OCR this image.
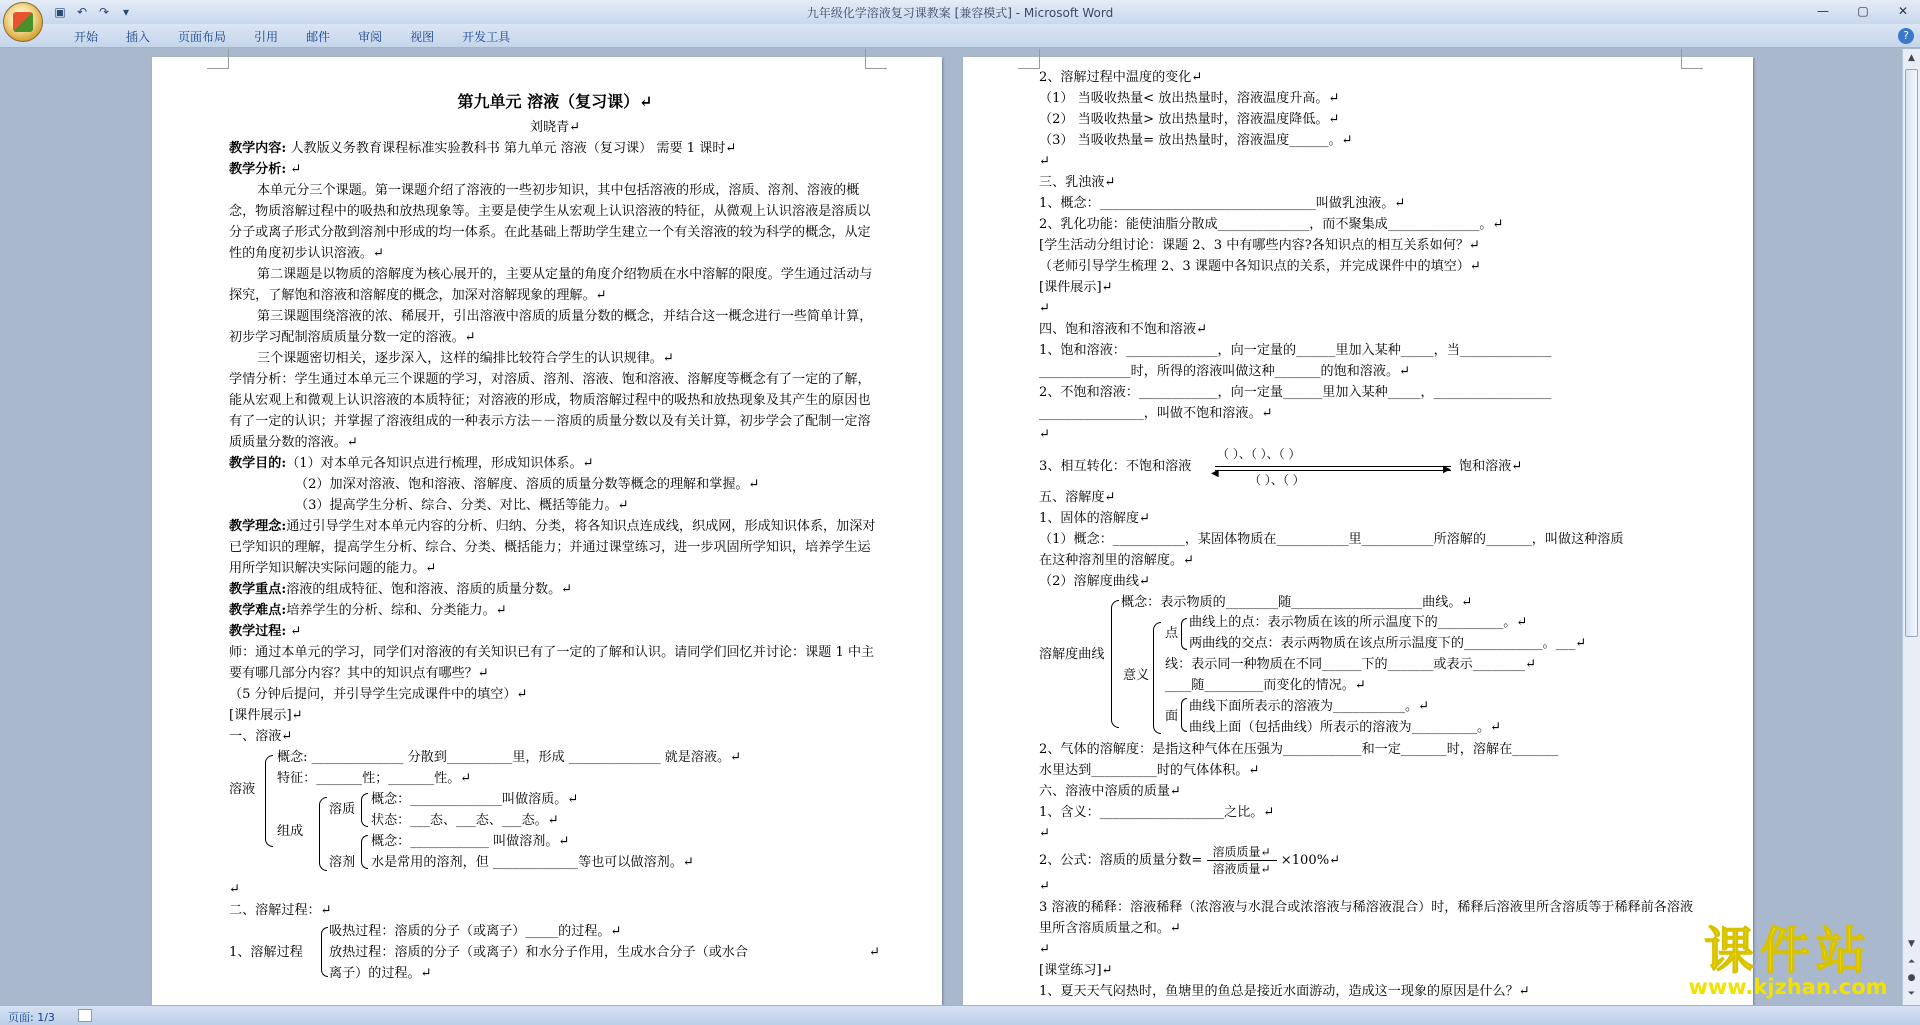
九年级化学溶液复习课教案 [兼容模式] - Microsoft Word
▣ ↶ ↷	▾	—	▢	✕
开始	插入	页面布局	引用	邮件	审阅	视图	开发工具	?
第九单元 溶液（复习课）↵
刘晓青↵
教学内容: 人教版义务教育课程标准实验教科书 第九单元 溶液（复习课） 需要 1 课时↵
教学分析: ↵
本单元分三个课题。第一课题介绍了溶液的一些初步知识，其中包括溶液的形成，溶质、溶剂、溶液的概念，物质溶解过程中的吸热和放热现象等。主要是使学生从宏观上认识溶液的特征，从微观上认识溶液是溶质以分子或离子形式分散到溶剂中形成的均一体系。在此基础上帮助学生建立一个有关溶液的较为科学的概念，从定性的角度初步认识溶液。↵
第二课题是以物质的溶解度为核心展开的，主要从定量的角度介绍物质在水中溶解的限度。学生通过活动与探究，了解饱和溶液和溶解度的概念，加深对溶解现象的理解。↵
第三课题围绕溶液的浓、稀展开，引出溶液中溶质的质量分数的概念，并结合这一概念进行一些简单计算，初步学习配制溶质质量分数一定的溶液。↵
三个课题密切相关，逐步深入，这样的编排比较符合学生的认识规律。↵
学情分析：学生通过本单元三个课题的学习，对溶质、溶剂、溶液、饱和溶液、溶解度等概念有了一定的了解，能从宏观上和微观上认识溶液的本质特征；对溶液的形成，物质溶解过程中的吸热和放热现象及其产生的原因也有了一定的认识；并掌握了溶液组成的一种表示方法－－溶质的质量分数以及有关计算，初步学会了配制一定溶质质量分数的溶液。↵
教学目的:（1）对本单元各知识点进行梳理，形成知识体系。↵
（2）加深对溶液、饱和溶液、溶解度、溶质的质量分数等概念的理解和掌握。↵
（3）提高学生分析、综合、分类、对比、概括等能力。↵
教学理念:通过引导学生对本单元内容的分析、归纳、分类，将各知识点连成线，织成网，形成知识体系，加深对已学知识的理解，提高学生分析、综合、分类、概括能力；并通过课堂练习，进一步巩固所学知识，培养学生运用所学知识解决实际问题的能力。↵
教学重点:溶液的组成特征、饱和溶液、溶质的质量分数。↵
教学难点:培养学生的分析、综和、分类能力。↵
教学过程: ↵
师：通过本单元的学习，同学们对溶液的有关知识已有了一定的了解和认识。请同学们回忆并讨论：课题 1 中主要有哪几部分内容？其中的知识点有哪些？↵
（5 分钟后提问，并引导学生完成课件中的填空）↵
[课件展示]↵
一、溶液↵
溶液
概念: ______________ 分散到__________里，形成 ______________ 就是溶液。↵
特征：_______性；_______性。↵
组成
溶质
概念：______________叫做溶质。↵
状态：___态、___态、___态。↵
溶剂
概念：____________ 叫做溶剂。↵
水是常用的溶剂，但 _____________等也可以做溶剂。↵
↵
二、溶解过程：↵
1、溶解过程
吸热过程：溶质的分子（或离子）_____的过程。↵
放热过程：溶质的分子（或离子）和水分子作用，生成水合分子（或水合
离子）的过程。↵
↵
2、溶解过程中温度的变化↵
（1） 当吸收热量< 放出热量时，溶液温度升高。↵
（2） 当吸收热量> 放出热量时，溶液温度降低。↵
（3） 当吸收热量= 放出热量时，溶液温度______。↵
↵
三、乳浊液↵
1、概念：_________________________________叫做乳浊液。↵
2、乳化功能：能使油脂分散成______________，而不聚集成______________。↵
[学生活动分组讨论：课题 2、3 中有哪些内容?各知识点的相互关系如何？↵
（老师引导学生梳理 2、3 课题中各知识点的关系，并完成课件中的填空）↵
[课件展示]↵
↵
四、饱和溶液和不饱和溶液↵
1、饱和溶液：______________，向一定量的______里加入某种_____，当______________
______________时，所得的溶液叫做这种_______的饱和溶液。↵
2、不饱和溶液：____________，向一定量______里加入某种_____，__________________
________________，叫做不饱和溶液。↵
↵
3、相互转化：不饱和溶液
（ ）、（ ）、（ ）
▶
◀	（ ）、（ ）
饱和溶液↵
五、溶解度↵
1、固体的溶解度↵
（1）概念：___________，某固体物质在___________里___________所溶解的_______，叫做这种溶质
在这种溶剂里的溶解度。↵
（2）溶解度曲线↵
溶解度曲线
概念：表示物质的________随____________________曲线。↵
意义
点
曲线上的点：表示物质在该的所示温度下的__________。↵
两曲线的交点：表示两物质在该点所示温度下的____________。___↵
线：表示同一种物质在不同______下的_______或表示________↵
____随_________而变化的情况。↵
面
曲线下面所表示的溶液为___________。↵
曲线上面（包括曲线）所表示的溶液为__________。↵
2、气体的溶解度：是指这种气体在压强为____________和一定_______时，溶解在_______
水里达到__________时的气体体积。↵
六、溶液中溶质的质量↵
1、含义：___________________之比。↵
↵
2、公式：溶质的质量分数= $\frac{\text{溶质质量↵}}{\text{溶液质量↵}}$ ×100%↵
↵
3 溶液的稀释：溶液稀释（浓溶液与水混合或浓溶液与稀溶液混合）时，稀释后溶液里所含溶质等于稀释前各溶液里所含溶质质量之和。↵
↵
[课堂练习]↵
1、夏天天气闷热时，鱼塘里的鱼总是接近水面游动，造成这一现象的原因是什么？↵
▲
▼
⏶
●
⏷
课件站
www.kjzhan.com
页面: 1/3
